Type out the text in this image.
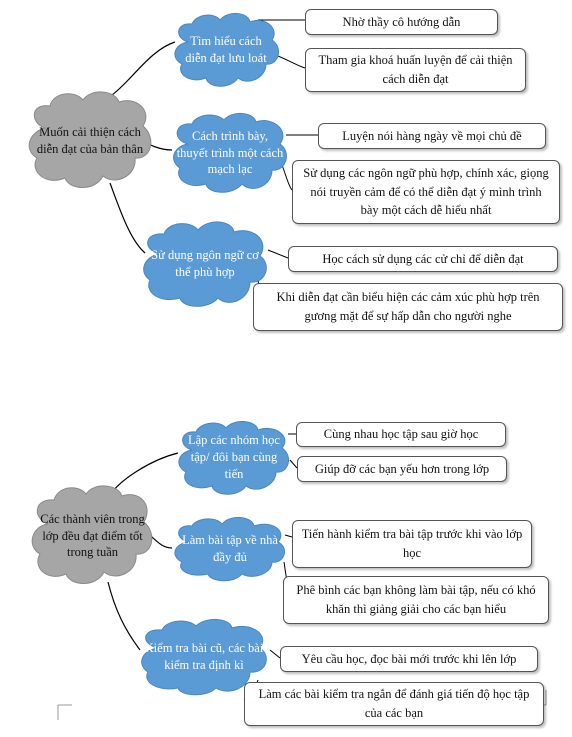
Muốn cải thiện cách diễn đạt của bản thân
Tìm hiểu cách diễn đạt lưu loát
Nhờ thầy cô hướng dẫn
Tham gia khoá huấn luyện để cải thiện cách diễn đạt
Cách trình bày, thuyết trình một cách mạch lạc
Luyện nói hàng ngày về mọi chủ đề
Sử dụng các ngôn ngữ phù hợp, chính xác, giọng nói truyền cảm để có thể diễn đạt ý mình trình bày một cách dễ hiểu nhất
Sử dụng ngôn ngữ cơ thể phù hợp
Học cách sử dụng các cử chỉ để diễn đạt
Khi diễn đạt cần biểu hiện các cảm xúc phù hợp trên gương mặt để sự hấp dẫn cho người nghe
Các thành viên trong lớp đều đạt điểm tốt trong tuần
Lập các nhóm học tập/ đôi bạn cùng tiến
Cùng nhau học tập sau giờ học
Giúp đỡ các bạn yếu hơn trong lớp
Làm bài tập về nhà đầy đủ
Tiến hành kiểm tra bài tập trước khi vào lớp học
Phê bình các bạn không làm bài tập, nếu có khó khăn thì giảng giải cho các bạn hiểu
Kiểm tra bài cũ, các bài kiểm tra định kì	Yêu cầu học, đọc bài mới trước khi lên lớp
Làm các bài kiểm tra ngắn để đánh giá tiến độ học tập của các bạn
